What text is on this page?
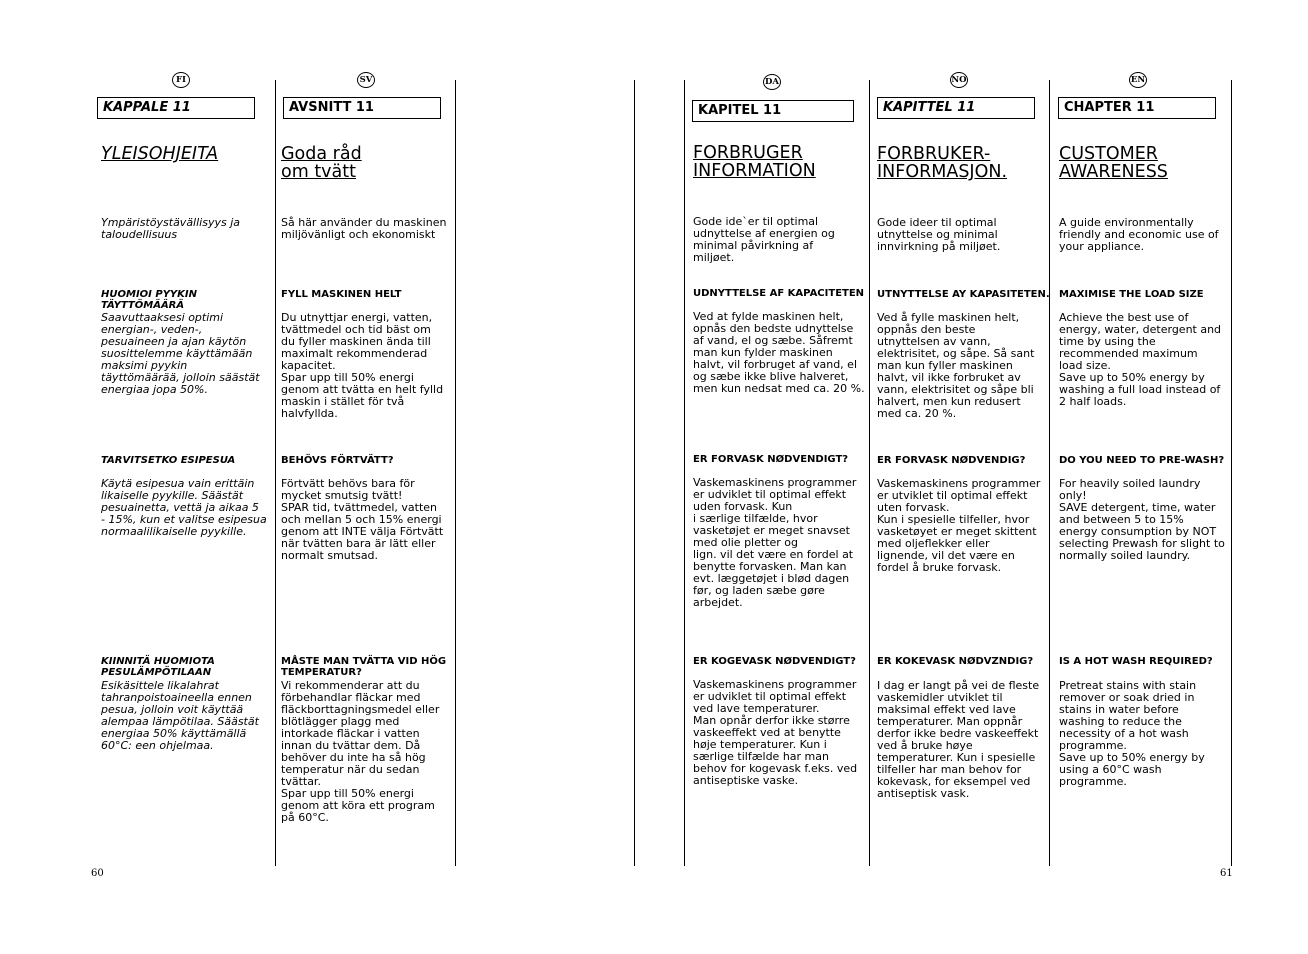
FI
KAPPALE 11
YLEISOHJEITA
Ympäristöystävällisyys ja
taloudellisuus
HUOMIOI PYYKIN
TÄYTTÖMÄÄRÄ
Saavuttaaksesi optimi
energian-, veden-,
pesuaineen ja ajan käytön
suosittelemme käyttämään
maksimi pyykin
täyttömäärää, jolloin säästät
energiaa jopa 50%.
TARVITSETKO ESIPESUA
Käytä esipesua vain erittäin
likaiselle pyykille. Säästät
pesuainetta, vettä ja aikaa 5
- 15%, kun et valitse esipesua
normaalilikaiselle pyykille.
KIINNITÄ HUOMIOTA
PESULÄMPÖTILAAN
Esikäsittele likalahrat
tahranpoistoaineella ennen
pesua, jolloin voit käyttää
alempaa lämpötilaa. Säästät
energiaa 50% käyttämällä
60°C: een ohjelmaa.
SV
AVSNITT 11
Goda råd
om tvätt
Så här använder du maskinen
miljövänligt och ekonomiskt
FYLL MASKINEN HELT
Du utnyttjar energi, vatten,
tvättmedel och tid bäst om
du fyller maskinen ända till
maximalt rekommenderad
kapacitet.
Spar upp till 50% energi
genom att tvätta en helt fylld
maskin i stället för två
halvfyllda.
BEHÖVS FÖRTVÄTT?
Förtvätt behövs bara för
mycket smutsig tvätt!
SPAR tid, tvättmedel, vatten
och mellan 5 och 15% energi
genom att INTE välja Förtvätt
när tvätten bara är lätt eller
normalt smutsad.
MÅSTE MAN TVÄTTA VID HÖG
TEMPERATUR?
Vi rekommenderar att du
förbehandlar fläckar med
fläckborttagningsmedel eller
blötlägger plagg med
intorkade fläckar i vatten
innan du tvättar dem. Då
behöver du inte ha så hög
temperatur när du sedan
tvättar.
Spar upp till 50% energi
genom att köra ett program
på 60°C.
DA
KAPITEL 11
FORBRUGER
INFORMATION
Gode ide`er til optimal
udnyttelse af energien og
minimal påvirkning af
miljøet.
UDNYTTELSE AF KAPACITETEN
Ved at fylde maskinen helt,
opnås den bedste udnyttelse
af vand, el og sæbe. Såfremt
man kun fylder maskinen
halvt, vil forbruget af vand, el
og sæbe ikke blive halveret,
men kun nedsat med ca. 20 %.
ER FORVASK NØDVENDIGT?
Vaskemaskinens programmer
er udviklet til optimal effekt
uden forvask. Kun
i særlige tilfælde, hvor
vasketøjet er meget snavset
med olie pletter og
lign. vil det være en fordel at
benytte forvasken. Man kan
evt. læggetøjet i blød dagen
før, og laden sæbe gøre
arbejdet.
ER KOGEVASK NØDVENDIGT?
Vaskemaskinens programmer
er udviklet til optimal effekt
ved lave temperaturer.
Man opnår derfor ikke større
vaskeeffekt ved at benytte
høje temperaturer. Kun i
særlige tilfælde har man
behov for kogevask f.eks. ved
antiseptiske vaske.
NO
KAPITTEL 11
FORBRUKER-
INFORMASJON.
Gode ideer til optimal
utnyttelse og minimal
innvirkning på miljøet.
UTNYTTELSE AY KAPASITETEN.
Ved å fylle maskinen helt,
oppnås den beste
utnyttelsen av vann,
elektrisitet, og såpe. Så sant
man kun fyller maskinen
halvt, vil ikke forbruket av
vann, elektrisitet og såpe bli
halvert, men kun redusert
med ca. 20 %.
ER FORVASK NØDVENDIG?
Vaskemaskinens programmer
er utviklet til optimal effekt
uten forvask.
Kun i spesielle tilfeller, hvor
vasketøyet er meget skittent
med oljeflekker eller
lignende, vil det være en
fordel å bruke forvask.
ER KOKEVASK NØDVZNDIG?
I dag er langt på vei de fleste
vaskemidler utviklet til
maksimal effekt ved lave
temperaturer. Man oppnår
derfor ikke bedre vaskeeffekt
ved å bruke høye
temperaturer. Kun i spesielle
tilfeller har man behov for
kokevask, for eksempel ved
antiseptisk vask.
EN
CHAPTER 11
CUSTOMER
AWARENESS
A guide environmentally
friendly and economic use of
your appliance.
MAXIMISE THE LOAD SIZE
Achieve the best use of
energy, water, detergent and
time by using the
recommended maximum
load size.
Save up to 50% energy by
washing a full load instead of
2 half loads.
DO YOU NEED TO PRE-WASH?
For heavily soiled laundry
only!
SAVE detergent, time, water
and between 5 to 15%
energy consumption by NOT
selecting Prewash for slight to
normally soiled laundry.
IS A HOT WASH REQUIRED?
Pretreat stains with stain
remover or soak dried in
stains in water before
washing to reduce the
necessity of a hot wash
programme.
Save up to 50% energy by
using a 60°C wash
programme.
60	61
